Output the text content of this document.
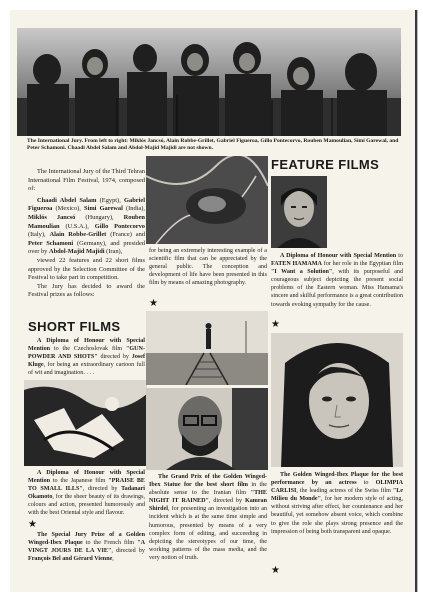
The International Jury. From left to right: Miklós Jancsó, Alain Robbe-Grillet, Gabriel Figueroa, Gillo Pontecorvo, Rouben Mamoulian, Simi Garewal, and Peter Schamoni. Chaadi Abdel Salam and Abdol-Majid Majidi are not shown.

The International Jury of the Third Tehran International Film Festival, 1974, composed of:

Chaadi Abdel Salam (Egypt), Gabriel Figueroa (Mexico), Simi Garewal (India), Miklós Jancsó (Hungary), Rouben Mamoulian (U.S.A.), Gillo Pontecorvo (Italy), Alain Robbe-Grillet (France) and Peter Schamoni (Germany), and presided over by Abdol-Majid Majidi (Iran),

viewed 22 features and 22 short films approved by the Selection Committee of the Festival to take part in competition.

The Jury has decided to award the Festival prizes as follows:

SHORT FILMS

A Diploma of Honour with Special Mention to the Czechoslovak film "GUN-POWDER AND SHOTS" directed by Josef Kluge, for being an extraordinary cartoon full of wit and imagination. . . .

A Diploma of Honour with Special Mention to the Japanese film "PRAISE BE TO SMALL ILLS", directed by Tadanari Okamoto, for the sheer beauty of its drawings, colours and action, presented humorously and with the best Oriental style and flavour.

★

The Special Jury Prize of a Golden Winged-Ibex Plaque to the French film "A VINGT JOURS DE LA VIE", directed by François Bel and Gérard Vienne,

for being an extremely interesting example of a scientific film that can be appreciated by the general public. The conception and development of life have been presented in this film by means of amazing photography.

★

The Grand Prix of the Golden Winged-Ibex Statue for the best short film in the absolute sense to the Iranian film "THE NIGHT IT RAINED", directed by Kamran Shirdel, for presenting an investigation into an incident which is at the same time simple and humorous, presented by means of a very complex form of editing, and succeeding in depicting the stereotypes of our time, the working patterns of the mass media, and the very notion of truth.

FEATURE FILMS

A Diploma of Honour with Special Mention to FATEN HAMAMA for her role in the Egyptian film "I Want a Solution", with its purposeful and courageous subject depicting the present social problems of the Eastern woman. Miss Hamama's sincere and skilful performance is a great contribution towards evoking sympathy for the cause.

★

The Golden Winged-Ibex Plaque for the best performance by an actress to OLIMPIA CARLISI, the leading actress of the Swiss film "Le Milieu du Monde", for her modern style of acting, without striving after effect, her countenance and her beautiful, yet somehow absent voice, which combine to give the role she plays strong presence and the impression of being both transparent and opaque.

★
